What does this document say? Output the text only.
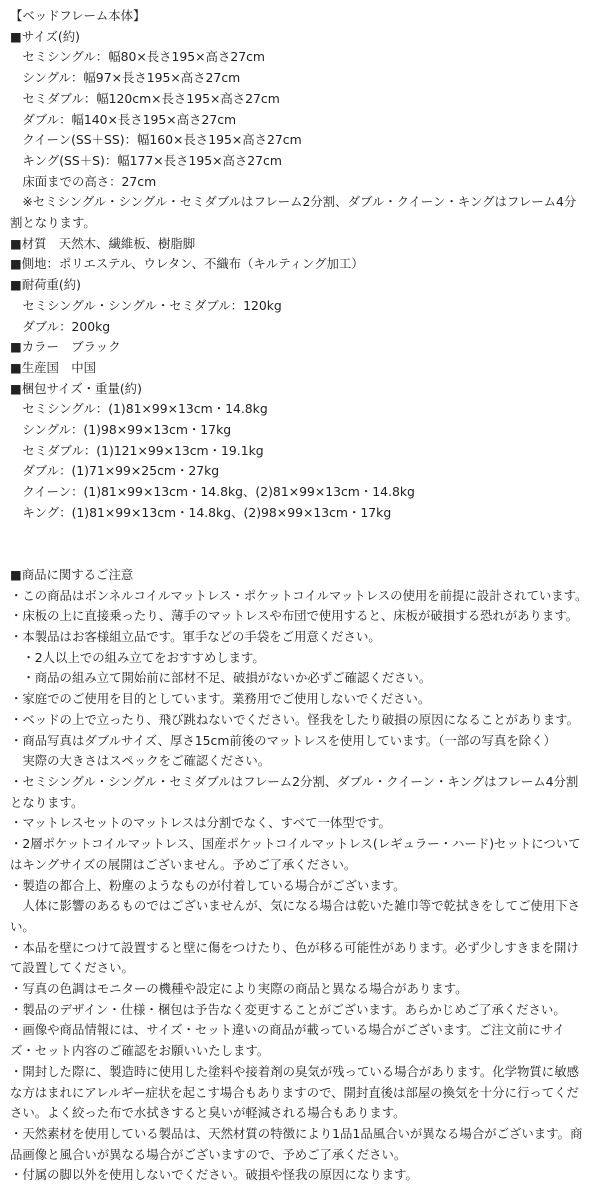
【ベッドフレーム本体】
■サイズ(約)
　セミシングル：幅80×長さ195×高さ27cm
　シングル：幅97×長さ195×高さ27cm
　セミダブル：幅120cm×長さ195×高さ27cm
　ダブル：幅140×長さ195×高さ27cm
　クイーン(SS＋SS)：幅160×長さ195×高さ27cm
　キング(SS＋S)：幅177×長さ195×高さ27cm
　床面までの高さ：27cm
　※セミシングル・シングル・セミダブルはフレーム2分割、ダブル・クイーン・キングはフレーム4分
割となります。
■材質　天然木、繊維板、樹脂脚
■側地：ポリエステル、ウレタン、不織布（キルティング加工）
■耐荷重(約)
　セミシングル・シングル・セミダブル：120kg
　ダブル：200kg
■カラー　ブラック
■生産国　中国
■梱包サイズ・重量(約)
　セミシングル：(1)81×99×13cm・14.8kg
　シングル：(1)98×99×13cm・17kg
　セミダブル：(1)121×99×13cm・19.1kg
　ダブル：(1)71×99×25cm・27kg
　クイーン：(1)81×99×13cm・14.8kg、(2)81×99×13cm・14.8kg
　キング：(1)81×99×13cm・14.8kg、(2)98×99×13cm・17kg
■商品に関するご注意
・この商品はボンネルコイルマットレス・ポケットコイルマットレスの使用を前提に設計されています。
・床板の上に直接乗ったり、薄手のマットレスや布団で使用すると、床板が破損する恐れがあります。
・本製品はお客様組立品です。軍手などの手袋をご用意ください。
　・2人以上での組み立てをおすすめします。
　・商品の組み立て開始前に部材不足、破損がないか必ずご確認ください。
・家庭でのご使用を目的としています。業務用でご使用しないでください。
・ベッドの上で立ったり、飛び跳ねないでください。怪我をしたり破損の原因になることがあります。
・商品写真はダブルサイズ、厚さ15cm前後のマットレスを使用しています。（一部の写真を除く）
　実際の大きさはスペックをご確認ください。
・セミシングル・シングル・セミダブルはフレーム2分割、ダブル・クイーン・キングはフレーム4分割
となります。
・マットレスセットのマットレスは分割でなく、すべて一体型です。
・2層ポケットコイルマットレス、国産ポケットコイルマットレス(レギュラー・ハード)セットについて
はキングサイズの展開はございません。予めご了承ください。
・製造の都合上、粉塵のようなものが付着している場合がございます。
　人体に影響のあるものではございませんが、気になる場合は乾いた雑巾等で乾拭きをしてご使用下さ
い。
・本品を壁につけて設置すると壁に傷をつけたり、色が移る可能性があります。必ず少しすきまを開け
て設置してください。
・写真の色調はモニターの機種や設定により実際の商品と異なる場合があります。
・製品のデザイン・仕様・梱包は予告なく変更することがございます。あらかじめご了承ください。
・画像や商品情報には、サイズ・セット違いの商品が載っている場合がございます。ご注文前にサイ
ズ・セット内容のご確認をお願いいたします。
・開封した際に、製造時に使用した塗料や接着剤の臭気が残っている場合があります。化学物質に敏感
な方はまれにアレルギー症状を起こす場合もありますので、開封直後は部屋の換気を十分に行ってくだ
さい。よく絞った布で水拭きすると臭いが軽減される場合もあります。
・天然素材を使用している製品は、天然材質の特徴により1品1品風合いが異なる場合がございます。商
品画像と風合いが異なる場合がございますので、予めご了承ください。
・付属の脚以外を使用しないでください。破損や怪我の原因になります。
